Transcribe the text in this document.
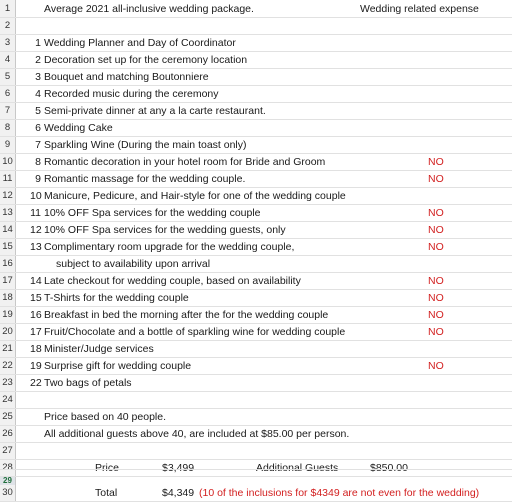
1	Average 2021 all-inclusive wedding package.	Wedding related expense
2
3	1 Wedding Planner and Day of Coordinator
4	2 Decoration set up for the ceremony location
5	3 Bouquet and matching Boutonniere
6	4 Recorded music during the ceremony
7	5 Semi-private dinner at any a la carte restaurant.
8	6 Wedding Cake
9	7 Sparkling Wine (During the main toast only)
10	8 Romantic decoration in your hotel room for Bride and Groom	NO
11	9 Romantic massage for the wedding couple.	NO
12 10 Manicure, Pedicure, and Hair-style for one of the wedding couple
13 11 10% OFF Spa services for the wedding couple	NO
14 12 10% OFF Spa services for the wedding guests, only	NO
15 13 Complimentary room upgrade for the wedding couple,	NO
16	subject to availability upon arrival
17 14 Late checkout for wedding couple, based on availability	NO
18 15 T-Shirts for the wedding couple	NO
19 16 Breakfast in bed the morning after the for the wedding couple	NO
20 17 Fruit/Chocolate and a bottle of sparkling wine for wedding couple	NO
21 18 Minister/Judge services
22 19 Surprise gift for wedding couple	NO
23 22 Two bags of petals
24
25	Price based on 40 people.
26	All additional guests above 40, are included at $85.00 per person.
27
28	Price	$3,499	Additional Guests	$850.00
30	Total	$4,349 (10 of the inclusions for $4349 are not even for the wedding)
29
